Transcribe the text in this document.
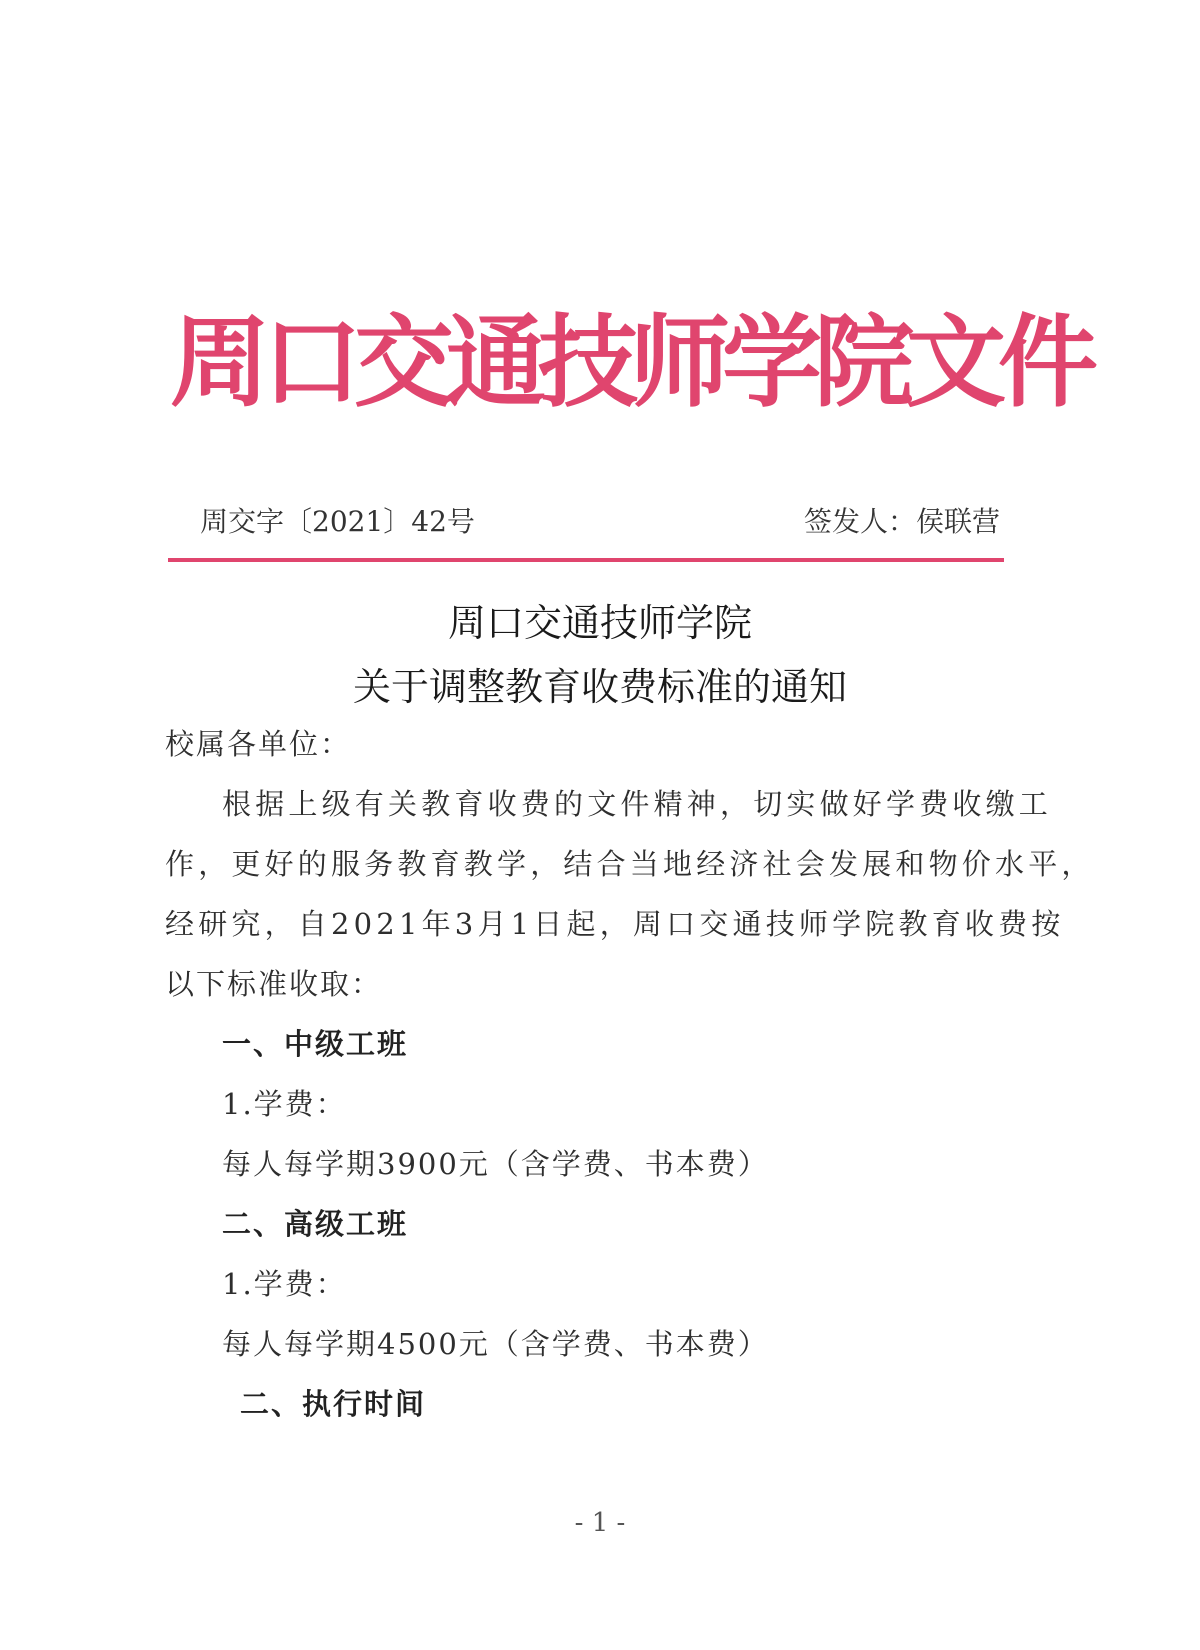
周口交通技师学院文件
周交字〔2021〕42号	签发人：侯联营
周口交通技师学院
关于调整教育收费标准的通知
校属各单位：
根据上级有关教育收费的文件精神，切实做好学费收缴工
作，更好的服务教育教学，结合当地经济社会发展和物价水平，
经研究，自2021年3月1日起，周口交通技师学院教育收费按
以下标准收取：
一、中级工班
1.学费：
每人每学期3900元（含学费、书本费）
二、高级工班
1.学费：
每人每学期4500元（含学费、书本费）
二、执行时间
- 1 -
